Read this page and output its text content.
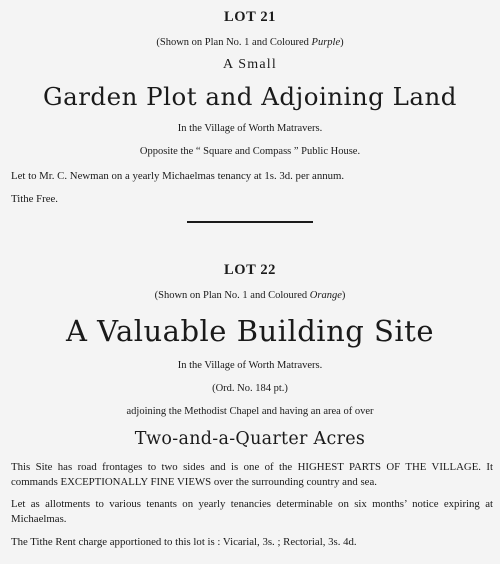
LOT 21
(Shown on Plan No. 1 and Coloured Purple)
A Small
Garden Plot and Adjoining Land
In the Village of Worth Matravers.
Opposite the “ Square and Compass ” Public House.
Let to Mr. C. Newman on a yearly Michaelmas tenancy at 1s. 3d. per annum.
Tithe Free.
LOT 22
(Shown on Plan No. 1 and Coloured Orange)
A Valuable Building Site
In the Village of Worth Matravers.
(Ord. No. 184 pt.)
adjoining the Methodist Chapel and having an area of over
Two-and-a-Quarter Acres
This Site has road frontages to two sides and is one of the HIGHEST PARTS OF THE VILLAGE. It commands EXCEPTIONALLY FINE VIEWS over the surrounding country and sea.
Let as allotments to various tenants on yearly tenancies determinable on six months’ notice expiring at Michaelmas.
The Tithe Rent charge apportioned to this lot is : Vicarial, 3s. ; Rectorial, 3s. 4d.
